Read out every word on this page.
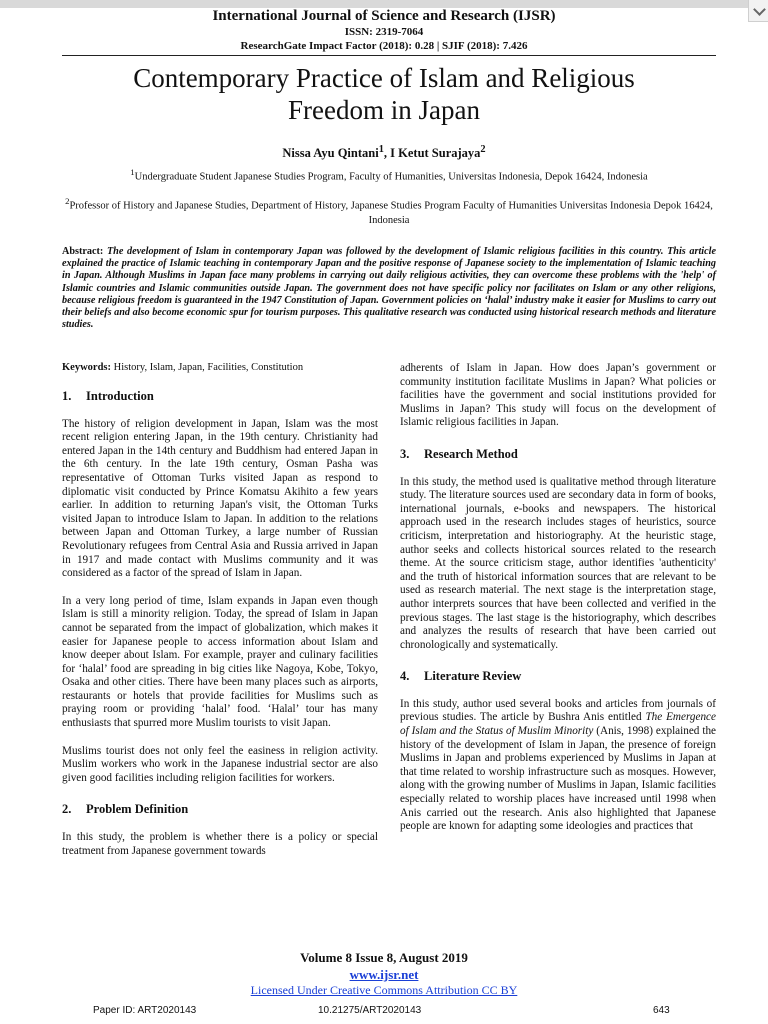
International Journal of Science and Research (IJSR)
ISSN: 2319-7064
ResearchGate Impact Factor (2018): 0.28 | SJIF (2018): 7.426
Contemporary Practice of Islam and Religious Freedom in Japan
Nissa Ayu Qintani$^1$, I Ketut Surajaya$^2$
$^1$Undergraduate Student Japanese Studies Program, Faculty of Humanities, Universitas Indonesia, Depok 16424, Indonesia
$^2$Professor of History and Japanese Studies, Department of History, Japanese Studies Program Faculty of Humanities Universitas Indonesia Depok 16424, Indonesia
Abstract: The development of Islam in contemporary Japan was followed by the development of Islamic religious facilities in this country. This article explained the practice of Islamic teaching in contemporary Japan and the positive response of Japanese society to the implementation of Islamic teaching in Japan. Although Muslims in Japan face many problems in carrying out daily religious activities, they can overcome these problems with the 'help' of Islamic countries and Islamic communities outside Japan. The government does not have specific policy nor facilitates on Islam or any other religions, because religious freedom is guaranteed in the 1947 Constitution of Japan. Government policies on ‘halal’ industry make it easier for Muslims to carry out their beliefs and also become economic spur for tourism purposes. This qualitative research was conducted using historical research methods and literature studies.
Keywords: History, Islam, Japan, Facilities, Constitution
1. Introduction

The history of religion development in Japan, Islam was the most recent religion entering Japan, in the 19th century. Christianity had entered Japan in the 14th century and Buddhism had entered Japan in the 6th century. In the late 19th century, Osman Pasha was representative of Ottoman Turks visited Japan as respond to diplomatic visit conducted by Prince Komatsu Akihito a few years earlier. In addition to returning Japan's visit, the Ottoman Turks visited Japan to introduce Islam to Japan. In addition to the relations between Japan and Ottoman Turkey, a large number of Russian Revolutionary refugees from Central Asia and Russia arrived in Japan in 1917 and made contact with Muslims community and it was considered as a factor of the spread of Islam in Japan.

In a very long period of time, Islam expands in Japan even though Islam is still a minority religion. Today, the spread of Islam in Japan cannot be separated from the impact of globalization, which makes it easier for Japanese people to access information about Islam and know deeper about Islam. For example, prayer and culinary facilities for ‘halal’ food are spreading in big cities like Nagoya, Kobe, Tokyo, Osaka and other cities. There have been many places such as airports, restaurants or hotels that provide facilities for Muslims such as praying room or providing ‘halal’ food. ‘Halal’ tour has many enthusiasts that spurred more Muslim tourists to visit Japan.

Muslims tourist does not only feel the easiness in religion activity. Muslim workers who work in the Japanese industrial sector are also given good facilities including religion facilities for workers.

2. Problem Definition

In this study, the problem is whether there is a policy or special treatment from Japanese government towards

adherents of Islam in Japan. How does Japan’s government or community institution facilitate Muslims in Japan? What policies or facilities have the government and social institutions provided for Muslims in Japan? This study will focus on the development of Islamic religious facilities in Japan.

3. Research Method

In this study, the method used is qualitative method through literature study. The literature sources used are secondary data in form of books, international journals, e-books and newspapers. The historical approach used in the research includes stages of heuristics, source criticism, interpretation and historiography. At the heuristic stage, author seeks and collects historical sources related to the research theme. At the source criticism stage, author identifies 'authenticity' and the truth of historical information sources that are relevant to be used as research material. The next stage is the interpretation stage, author interprets sources that have been collected and verified in the previous stages. The last stage is the historiography, which describes and analyzes the results of research that have been carried out chronologically and systematically.

4. Literature Review

In this study, author used several books and articles from journals of previous studies. The article by Bushra Anis entitled The Emergence of Islam and the Status of Muslim Minority (Anis, 1998) explained the history of the development of Islam in Japan, the presence of foreign Muslims in Japan and problems experienced by Muslims in Japan at that time related to worship infrastructure such as mosques. However, along with the growing number of Muslims in Japan, Islamic facilities especially related to worship places have increased until 1998 when Anis carried out the research. Anis also highlighted that Japanese people are known for adapting some ideologies and practices that

Volume 8 Issue 8, August 2019
www.ijsr.net
Licensed Under Creative Commons Attribution CC BY
Paper ID: ART2020143	10.21275/ART2020143	643
